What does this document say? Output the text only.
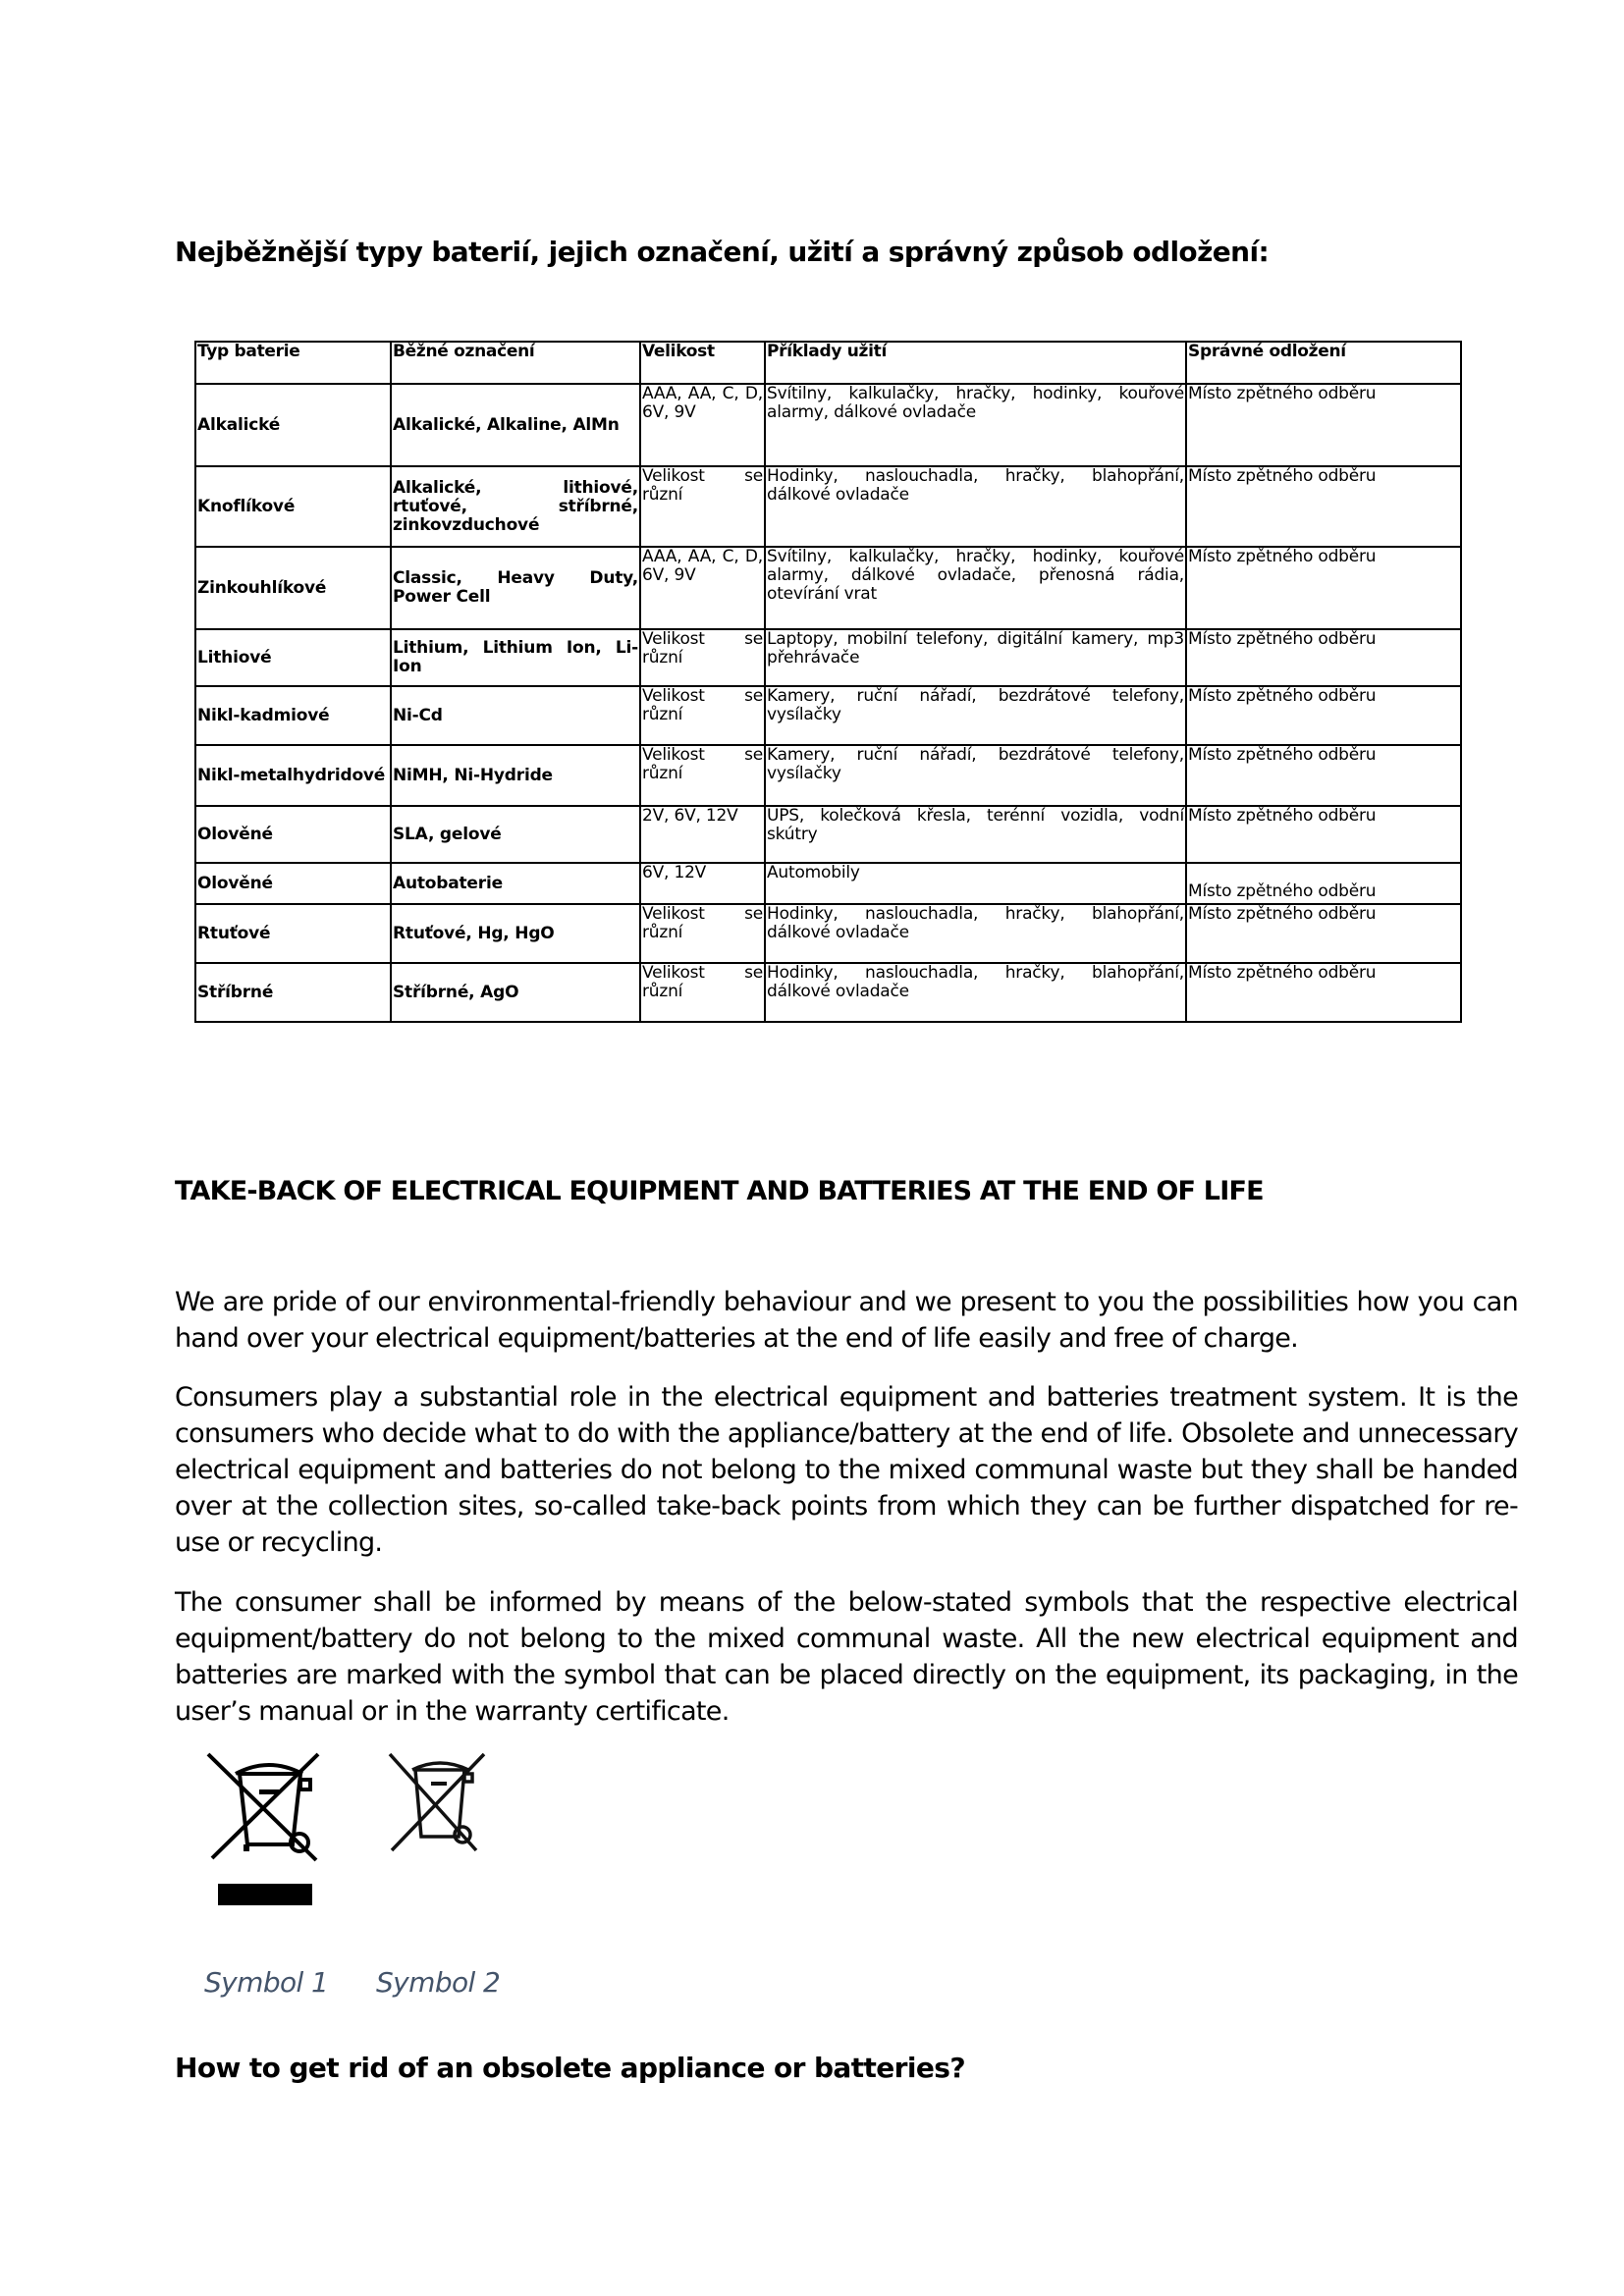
Nejběžnější typy baterií, jejich označení, užití a správný způsob odložení:
Typ baterie	Běžné označení	Velikost	Příklady užití	Správné odložení
Alkalické	Alkalické, Alkaline, AlMn	AAA, AA, C, D, 6V, 9V	Svítilny, kalkulačky, hračky, hodinky, kouřové alarmy, dálkové ovladače	Místo zpětného odběru
Knoflíkové	Alkalické, lithiové, rtuťové, stříbrné, zinkovzduchové	Velikost se různí	Hodinky, naslouchadla, hračky, blahopřání, dálkové ovladače	Místo zpětného odběru
Zinkouhlíkové	Classic, Heavy Duty, Power Cell	AAA, AA, C, D, 6V, 9V	Svítilny, kalkulačky, hračky, hodinky, kouřové alarmy, dálkové ovladače, přenosná rádia, otevírání vrat	Místo zpětného odběru
Lithiové	Lithium, Lithium Ion, Li-Ion	Velikost se různí	Laptopy, mobilní telefony, digitální kamery, mp3 přehrávače	Místo zpětného odběru
Nikl-kadmiové	Ni-Cd	Velikost se různí	Kamery, ruční nářadí, bezdrátové telefony, vysílačky	Místo zpětného odběru
Nikl-metalhydridové	NiMH, Ni-Hydride	Velikost se různí	Kamery, ruční nářadí, bezdrátové telefony, vysílačky	Místo zpětného odběru
Olověné	SLA, gelové	2V, 6V, 12V	UPS, kolečková křesla, terénní vozidla, vodní skútry	Místo zpětného odběru
Olověné	Autobaterie	6V, 12V	Automobily	Místo zpětného odběru
Rtuťové	Rtuťové, Hg, HgO	Velikost se různí	Hodinky, naslouchadla, hračky, blahopřání, dálkové ovladače	Místo zpětného odběru
Stříbrné	Stříbrné, AgO	Velikost se různí	Hodinky, naslouchadla, hračky, blahopřání, dálkové ovladače	Místo zpětného odběru
TAKE-BACK OF ELECTRICAL EQUIPMENT AND BATTERIES AT THE END OF LIFE
We are pride of our environmental-friendly behaviour and we present to you the possibilities how you can hand over your electrical equipment/batteries at the end of life easily and free of charge.
Consumers play a substantial role in the electrical equipment and batteries treatment system. It is the consumers who decide what to do with the appliance/battery at the end of life. Obsolete and unnecessary electrical equipment and batteries do not belong to the mixed communal waste but they shall be handed over at the collection sites, so-called take-back points from which they can be further dispatched for re-use or recycling.
The consumer shall be informed by means of the below-stated symbols that the respective electrical equipment/battery do not belong to the mixed communal waste. All the new electrical equipment and batteries are marked with the symbol that can be placed directly on the equipment, its packaging, in the user’s manual or in the warranty certificate.
Symbol 1 Symbol 2
How to get rid of an obsolete appliance or batteries?
